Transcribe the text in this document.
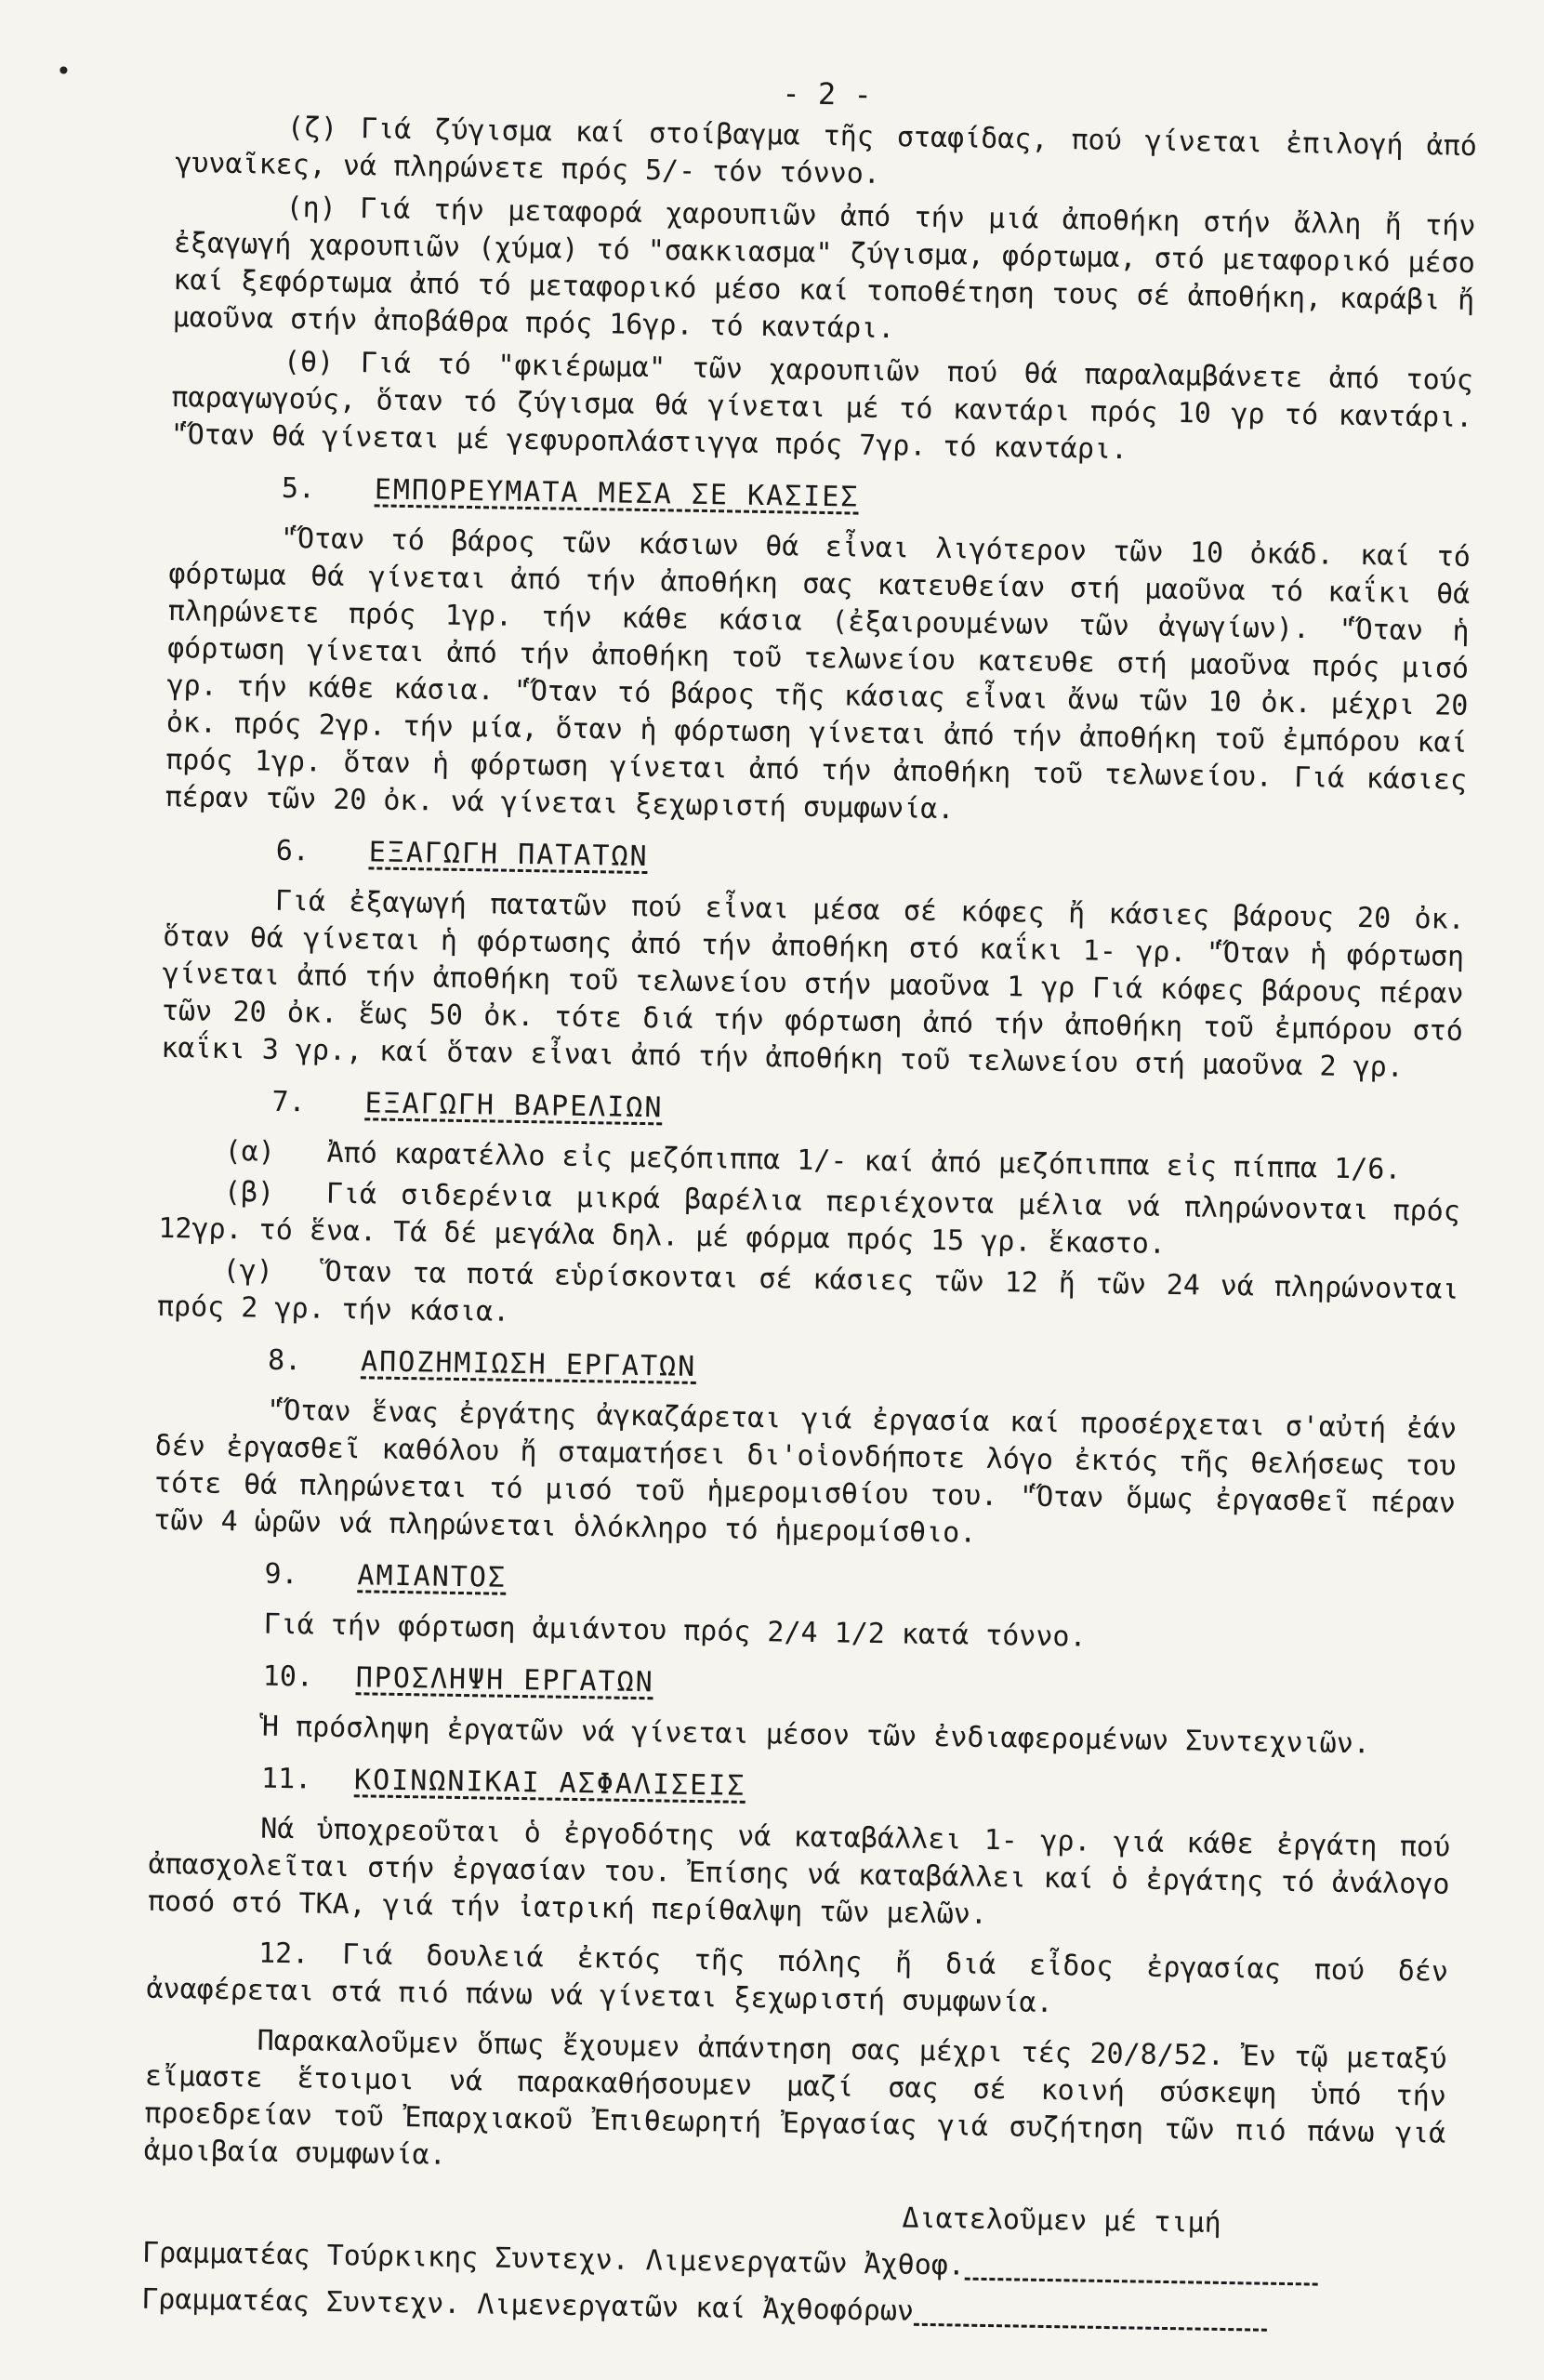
•
- 2 -

(ζ) Γιά ζύγισμα καί στοίβαγμα τῆς σταφίδας, πού γίνεται ἐπιλογή ἀπό γυναῖκες, νά πληρώνετε πρός 5/- τόν τόννο.

(η) Γιά τήν μεταφορά χαρουπιῶν ἀπό τήν μιά ἀποθήκη στήν ἄλλη ἤ τήν ἐξαγωγή χαρουπιῶν (χύμα) τό "σακκιασμα" ζύγισμα, φόρτωμα, στό μεταφορικό μέσο καί ξεφόρτωμα ἀπό τό μεταφορικό μέσο καί τοποθέτηση τους σέ ἀποθήκη, καράβι ἤ μαοῦνα στήν ἀποβάθρα πρός 16γρ. τό καντάρι.

(θ) Γιά τό "φκιέρωμα" τῶν χαρουπιῶν πού θά παραλαμβάνετε ἀπό τούς παραγωγούς, ὅταν τό ζύγισμα θά γίνεται μέ τό καντάρι πρός 10 γρ τό καντάρι. "Ὅταν θά γίνεται μέ γεφυροπλάστιγγα πρός 7γρ. τό καντάρι.

5. ΕΜΠΟΡΕΥΜΑΤΑ ΜΕΣΑ ΣΕ ΚΑΣΙΕΣ

"Ὅταν τό βάρος τῶν κάσιων θά εἶναι λιγότερον τῶν 10 ὀκάδ. καί τό φόρτωμα θά γίνεται ἀπό τήν ἀποθήκη σας κατευθείαν στή μαοῦνα τό καΐκι θά πληρώνετε πρός 1γρ. τήν κάθε κάσια (ἐξαιρουμένων τῶν ἀγωγίων). "Ὅταν ἡ φόρτωση γίνεται ἀπό τήν ἀποθήκη τοῦ τελωνείου κατευθε στή μαοῦνα πρός μισό γρ. τήν κάθε κάσια. "Ὅταν τό βάρος τῆς κάσιας εἶναι ἄνω τῶν 10 ὀκ. μέχρι 20 ὀκ. πρός 2γρ. τήν μία, ὅταν ἡ φόρτωση γίνεται ἀπό τήν ἀποθήκη τοῦ ἐμπόρου καί πρός 1γρ. ὅταν ἡ φόρτωση γίνεται ἀπό τήν ἀποθήκη τοῦ τελωνείου. Γιά κάσιες πέραν τῶν 20 ὀκ. νά γίνεται ξεχωριστή συμφωνία.

6. ΕΞΑΓΩΓΗ ΠΑΤΑΤΩΝ

Γιά ἐξαγωγή πατατῶν πού εἶναι μέσα σέ κόφες ἤ κάσιες βάρους 20 ὀκ. ὅταν θά γίνεται ἡ φόρτωσης ἀπό τήν ἀποθήκη στό καΐκι 1- γρ. "Ὅταν ἡ φόρτωση γίνεται ἀπό τήν ἀποθήκη τοῦ τελωνείου στήν μαοῦνα 1 γρ Γιά κόφες βάρους πέραν τῶν 20 ὀκ. ἕως 50 ὀκ. τότε διά τήν φόρτωση ἀπό τήν ἀποθήκη τοῦ ἐμπόρου στό καΐκι 3 γρ., καί ὅταν εἶναι ἀπό τήν ἀποθήκη τοῦ τελωνείου στή μαοῦνα 2 γρ.

7. ΕΞΑΓΩΓΗ ΒΑΡΕΛΙΩΝ

(α) Ἀπό καρατέλλο εἰς μεζόπιππα 1/- καί ἀπό μεζόπιππα εἰς πίππα 1/6.

(β) Γιά σιδερένια μικρά βαρέλια περιέχοντα μέλια νά πληρώνονται πρός 12γρ. τό ἕνα. Τά δέ μεγάλα δηλ. μέ φόρμα πρός 15 γρ. ἕκαστο.

(γ) Ὅταν τα ποτά εὑρίσκονται σέ κάσιες τῶν 12 ἤ τῶν 24 νά πληρώνονται πρός 2 γρ. τήν κάσια.

8. ΑΠΟΖΗΜΙΩΣΗ ΕΡΓΑΤΩΝ

"Ὅταν ἕνας ἐργάτης ἀγκαζάρεται γιά ἐργασία καί προσέρχεται σ'αὐτή ἐάν δέν ἐργασθεῖ καθόλου ἤ σταματήσει δι'οἱονδήποτε λόγο ἐκτός τῆς θελήσεως του τότε θά πληρώνεται τό μισό τοῦ ἡμερομισθίου του. "Ὅταν ὅμως ἐργασθεῖ πέραν τῶν 4 ὡρῶν νά πληρώνεται ὁλόκληρο τό ἡμερομίσθιο.

9. ΑΜΙΑΝΤΟΣ

Γιά τήν φόρτωση ἀμιάντου πρός 2/4 1/2 κατά τόννο.

10. ΠΡΟΣΛΗΨΗ ΕΡΓΑΤΩΝ

Ἡ πρόσληψη ἐργατῶν νά γίνεται μέσον τῶν ἐνδιαφερομένων Συντεχνιῶν.

11. ΚΟΙΝΩΝΙΚΑΙ ΑΣΦΑΛΙΣΕΙΣ

Νά ὑποχρεοῦται ὁ ἐργοδότης νά καταβάλλει 1- γρ. γιά κάθε ἐργάτη πού ἀπασχολεῖται στήν ἐργασίαν του. Ἐπίσης νά καταβάλλει καί ὁ ἐργάτης τό ἀνάλογο ποσό στό ΤΚΑ, γιά τήν ἰατρική περίθαλψη τῶν μελῶν.

12. Γιά δουλειά ἐκτός τῆς πόλης ἤ διά εἶδος ἐργασίας πού δέν ἀναφέρεται στά πιό πάνω νά γίνεται ξεχωριστή συμφωνία.

Παρακαλοῦμεν ὅπως ἔχουμεν ἀπάντηση σας μέχρι τές 20/8/52. Ἐν τῷ μεταξύ εἴμαστε ἕτοιμοι νά παρακαθήσουμεν μαζί σας σέ κοινή σύσκεψη ὑπό τήν προεδρείαν τοῦ Ἐπαρχιακοῦ Ἐπιθεωρητή Ἐργασίας γιά συζήτηση τῶν πιό πάνω γιά ἀμοιβαία συμφωνία.

Διατελοῦμεν μέ τιμή
Γραμματέας Τούρκικης Συντεχν. Λιμενεργατῶν Ἀχθοφ.
Γραμματέας Συντεχν. Λιμενεργατῶν καί Ἀχθοφόρων
